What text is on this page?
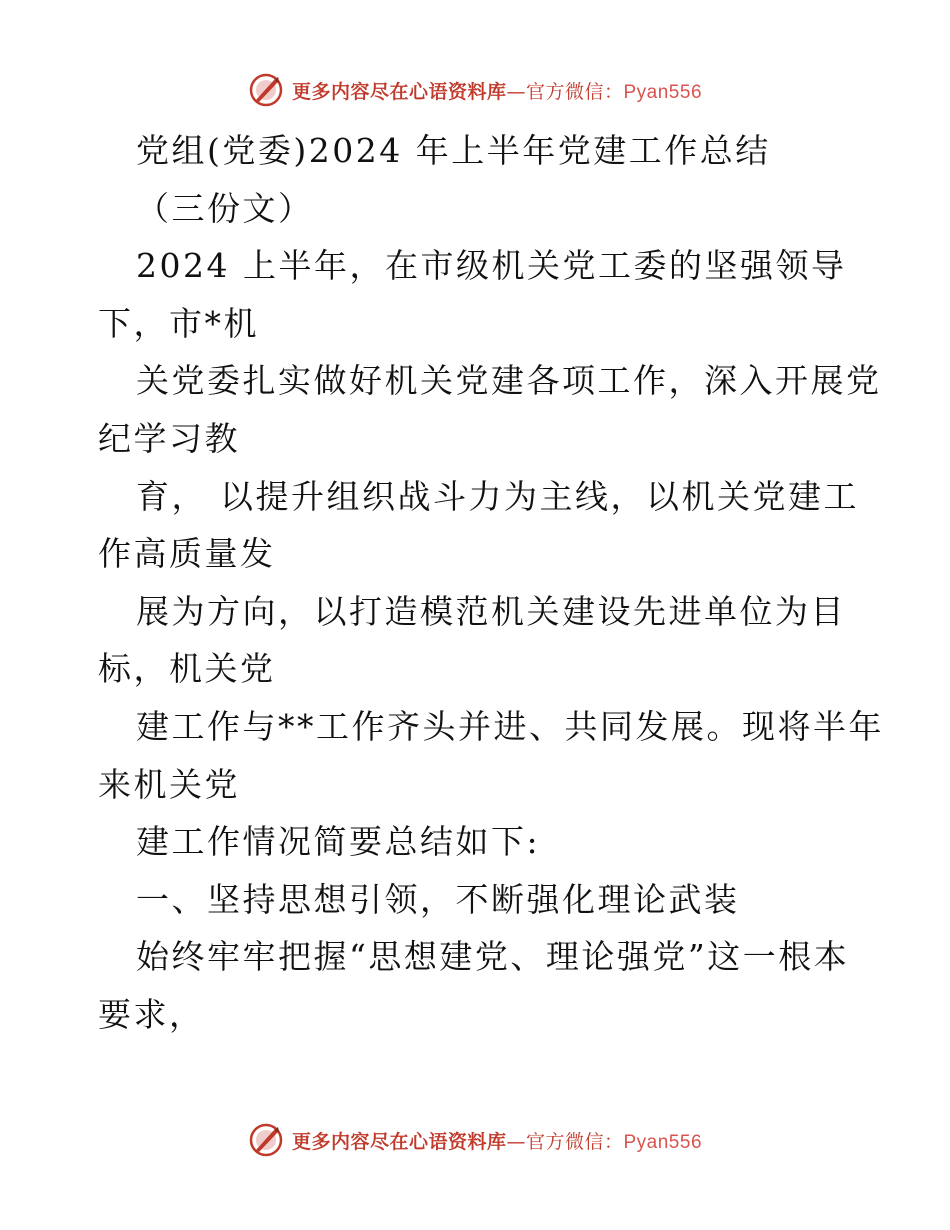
更多内容尽在心语资料库—官方微信：Pyan556
党组(党委)2024 年上半年党建工作总结
（三份文）
2024 上半年，在市级机关党工委的坚强领导
下，市*机
关党委扎实做好机关党建各项工作，深入开展党
纪学习教
育， 以提升组织战斗力为主线，以机关党建工
作高质量发
展为方向，以打造模范机关建设先进单位为目
标，机关党
建工作与**工作齐头并进、共同发展。现将半年
来机关党
建工作情况简要总结如下:
一、坚持思想引领，不断强化理论武装
始终牢牢把握“思想建党、理论强党”这一根本
要求，
更多内容尽在心语资料库—官方微信：Pyan556
